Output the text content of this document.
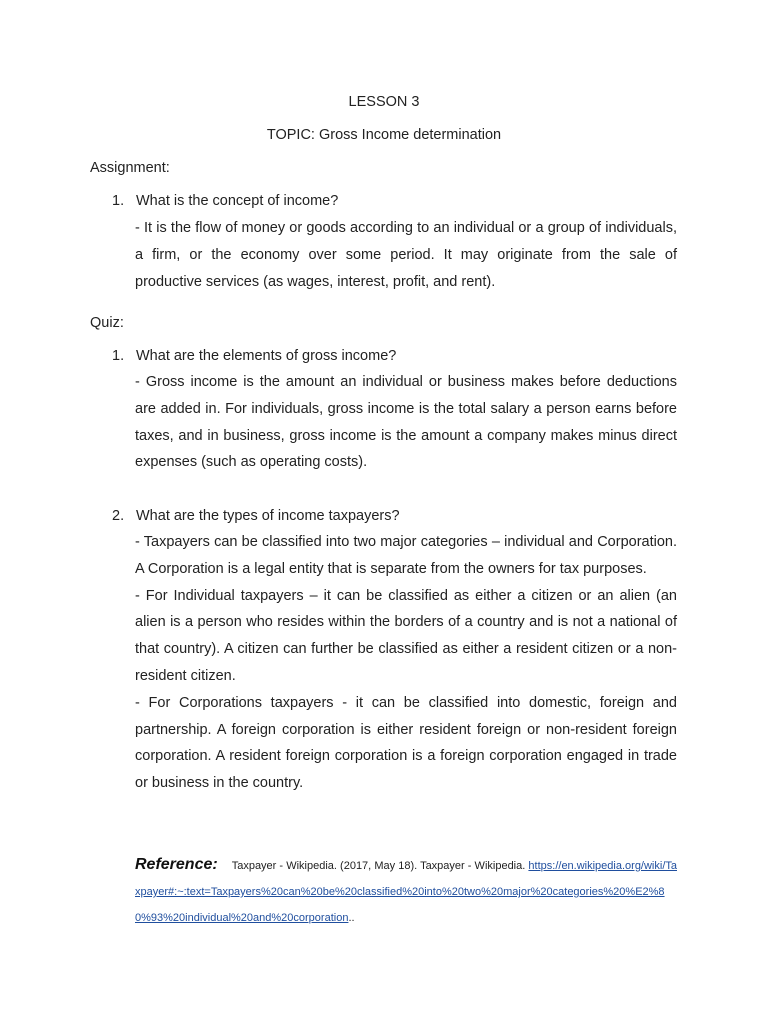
LESSON 3
TOPIC: Gross Income determination
Assignment:
1. What is the concept of income?

- It is the flow of money or goods according to an individual or a group of individuals, a firm, or the economy over some period. It may originate from the sale of productive services (as wages, interest, profit, and rent).

Quiz:
1. What are the elements of gross income?

- Gross income is the amount an individual or business makes before deductions are added in. For individuals, gross income is the total salary a person earns before taxes, and in business, gross income is the amount a company makes minus direct expenses (such as operating costs).

2. What are the types of income taxpayers?

- Taxpayers can be classified into two major categories – individual and Corporation. A Corporation is a legal entity that is separate from the owners for tax purposes.

- For Individual taxpayers – it can be classified as either a citizen or an alien (an alien is a person who resides within the borders of a country and is not a national of that country). A citizen can further be classified as either a resident citizen or a non-resident citizen.

- For Corporations taxpayers - it can be classified into domestic, foreign and partnership. A foreign corporation is either resident foreign or non-resident foreign corporation. A resident foreign corporation is a foreign corporation engaged in trade or business in the country.

Reference: Taxpayer - Wikipedia. (2017, May 18). Taxpayer - Wikipedia. https://en.wikipedia.org/wiki/Taxpayer#:~:text=Taxpayers%20can%20be%20classified%20into%20two%20major%20categories%20%E2%80%93%20individual%20and%20corporation..
